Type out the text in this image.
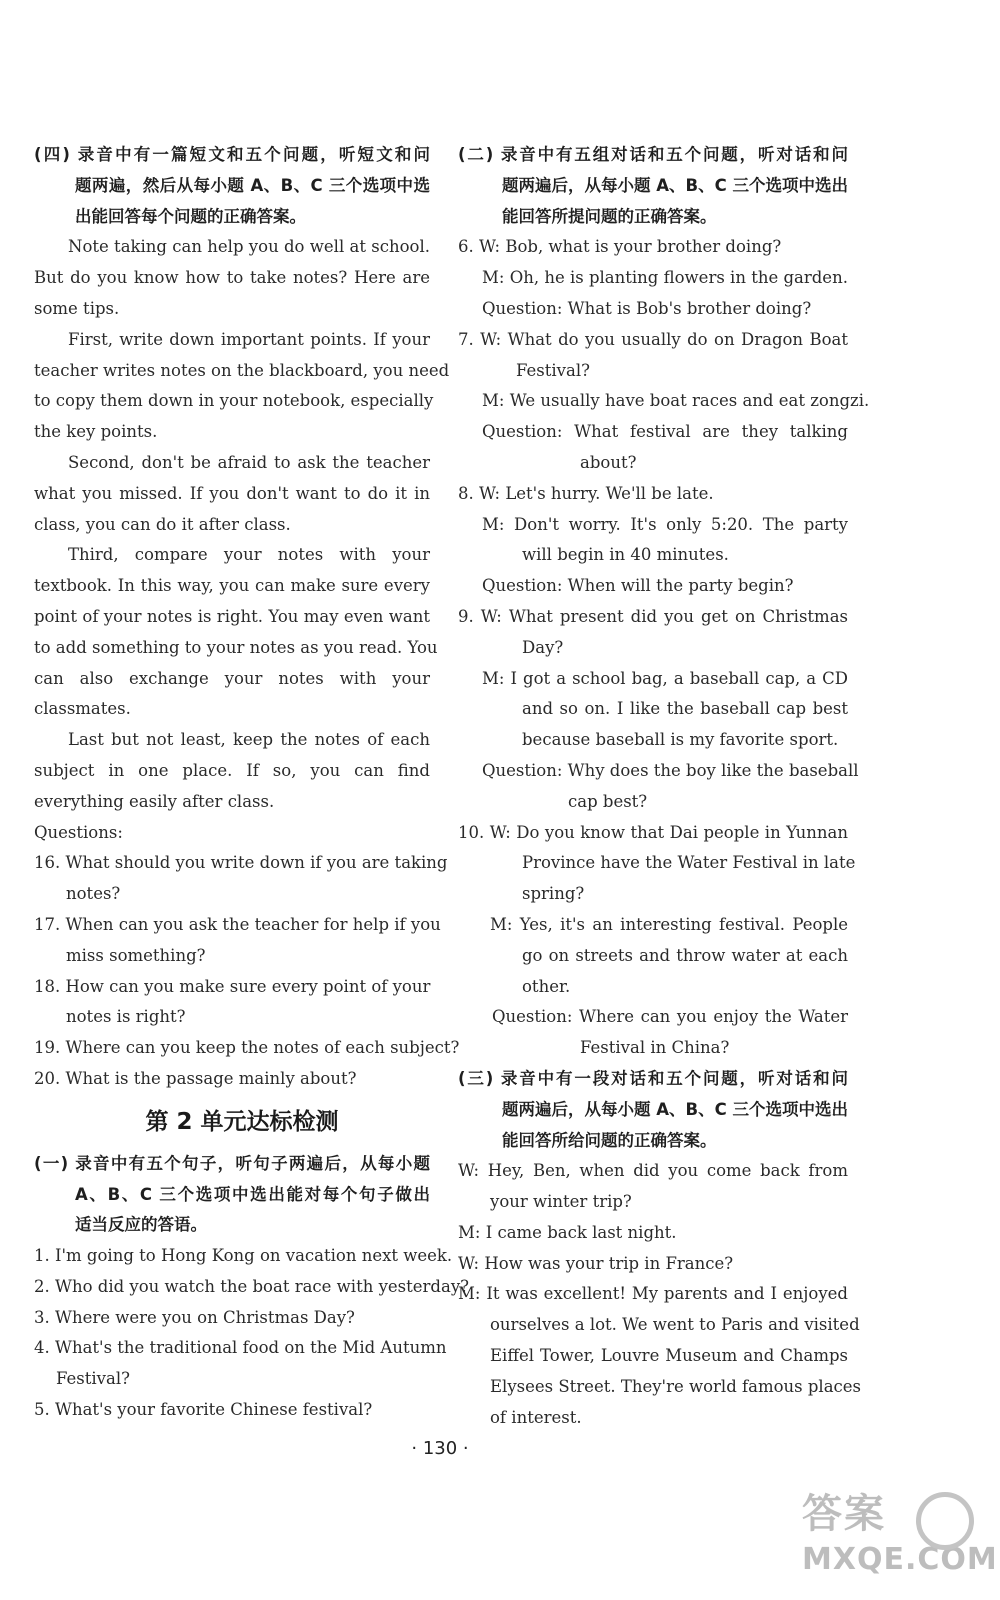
(四) 录音中有一篇短文和五个问题，听短文和问
题两遍，然后从每小题 A、B、C 三个选项中选
出能回答每个问题的正确答案。
Note taking can help you do well at school.
But do you know how to take notes? Here are
some tips.
First, write down important points. If your
teacher writes notes on the blackboard, you need
to copy them down in your notebook, especially
the key points.
Second, don't be afraid to ask the teacher
what you missed. If you don't want to do it in
class, you can do it after class.
Third, compare your notes with your
textbook. In this way, you can make sure every
point of your notes is right. You may even want
to add something to your notes as you read. You
can also exchange your notes with your
classmates.
Last but not least, keep the notes of each
subject in one place. If so, you can find
everything easily after class.
Questions:
16. What should you write down if you are taking
notes?
17. When can you ask the teacher for help if you
miss something?
18. How can you make sure every point of your
notes is right?
19. Where can you keep the notes of each subject?
20. What is the passage mainly about?
第 2 单元达标检测
(一) 录音中有五个句子，听句子两遍后，从每小题
A、B、C 三个选项中选出能对每个句子做出
适当反应的答语。
1. I'm going to Hong Kong on vacation next week.
2. Who did you watch the boat race with yesterday?
3. Where were you on Christmas Day?
4. What's the traditional food on the Mid Autumn
Festival?
5. What's your favorite Chinese festival?
(二) 录音中有五组对话和五个问题，听对话和问
题两遍后，从每小题 A、B、C 三个选项中选出
能回答所提问题的正确答案。
6. W: Bob, what is your brother doing?
M: Oh, he is planting flowers in the garden.
Question: What is Bob's brother doing?
7. W: What do you usually do on Dragon Boat
Festival?
M: We usually have boat races and eat zongzi.
Question: What festival are they talking
about?
8. W: Let's hurry. We'll be late.
M: Don't worry. It's only 5:20. The party
will begin in 40 minutes.
Question: When will the party begin?
9. W: What present did you get on Christmas
Day?
M: I got a school bag, a baseball cap, a CD
and so on. I like the baseball cap best
because baseball is my favorite sport.
Question: Why does the boy like the baseball
cap best?
10. W: Do you know that Dai people in Yunnan
Province have the Water Festival in late
spring?
M: Yes, it's an interesting festival. People
go on streets and throw water at each
other.
Question: Where can you enjoy the Water
Festival in China?
(三) 录音中有一段对话和五个问题，听对话和问
题两遍后，从每小题 A、B、C 三个选项中选出
能回答所给问题的正确答案。
W: Hey, Ben, when did you come back from
your winter trip?
M: I came back last night.
W: How was your trip in France?
M: It was excellent! My parents and I enjoyed
ourselves a lot. We went to Paris and visited
Eiffel Tower, Louvre Museum and Champs
Elysees Street. They're world famous places
of interest.
· 130 ·
答案
MXQE.COM
